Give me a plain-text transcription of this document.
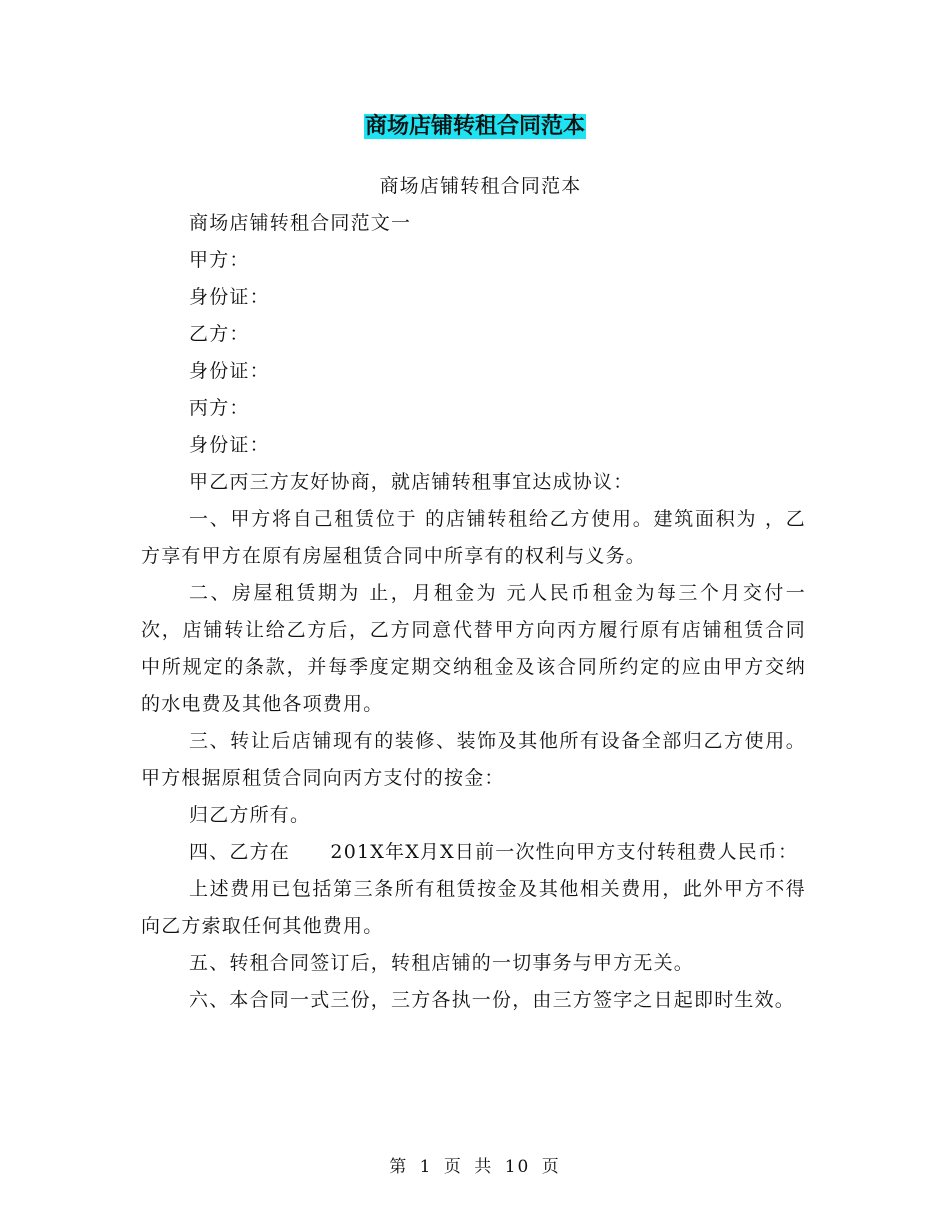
商场店铺转租合同范本

商场店铺转租合同范本

商场店铺转租合同范文一

甲方：

身份证：

乙方：

身份证：

丙方：

身份证：

甲乙丙三方友好协商，就店铺转租事宜达成协议：

一、甲方将自己租赁位于 的店铺转租给乙方使用。建筑面积为 ，乙方享有甲方在原有房屋租赁合同中所享有的权利与义务。

二、房屋租赁期为 止，月租金为 元人民币租金为每三个月交付一次，店铺转让给乙方后，乙方同意代替甲方向丙方履行原有店铺租赁合同中所规定的条款，并每季度定期交纳租金及该合同所约定的应由甲方交纳的水电费及其他各项费用。

三、转让后店铺现有的装修、装饰及其他所有设备全部归乙方使用。甲方根据原租赁合同向丙方支付的按金：

归乙方所有。

四、乙方在　　201X年X月X日前一次性向甲方支付转租费人民币：

上述费用已包括第三条所有租赁按金及其他相关费用，此外甲方不得向乙方索取任何其他费用。

五、转租合同签订后，转租店铺的一切事务与甲方无关。

六、本合同一式三份，三方各执一份，由三方签字之日起即时生效。

第 1 页 共 10 页
